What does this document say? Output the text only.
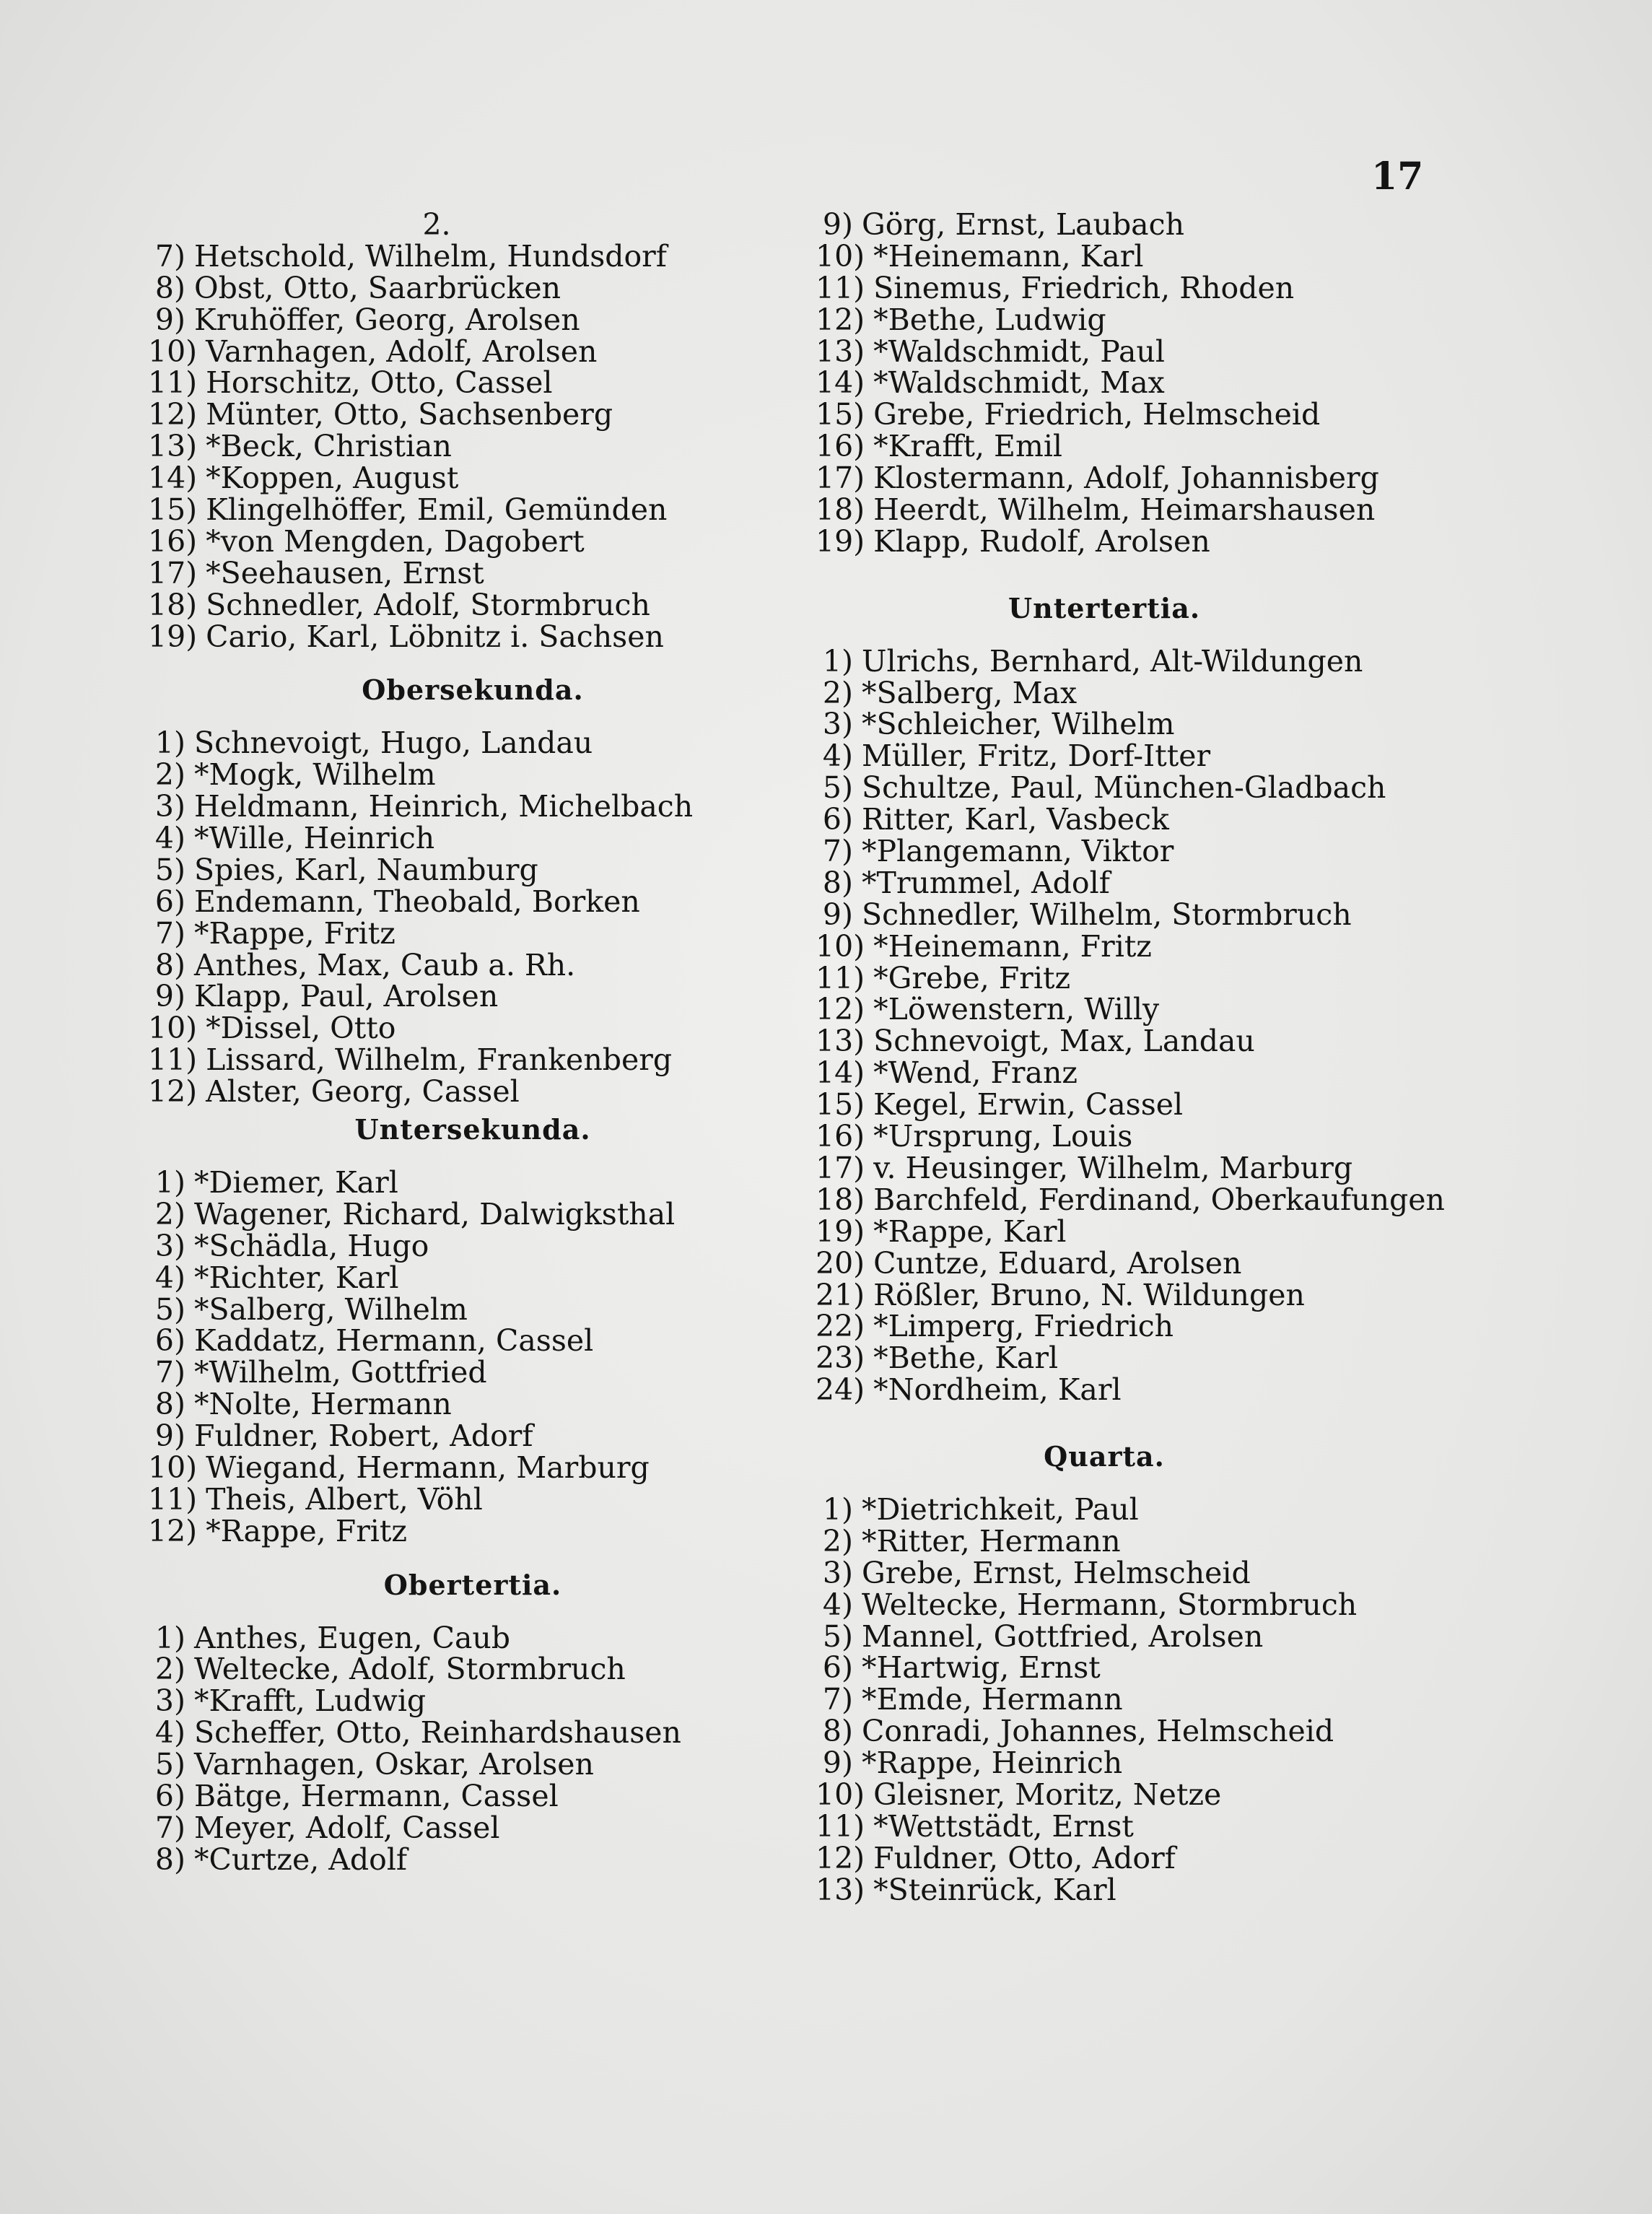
17
2.
7) Hetschold, Wilhelm, Hundsdorf
8) Obst, Otto, Saarbrücken
9) Kruhöffer, Georg, Arolsen
10) Varnhagen, Adolf, Arolsen
11) Horschitz, Otto, Cassel
12) Münter, Otto, Sachsenberg
13) *Beck, Christian
14) *Koppen, August
15) Klingelhöffer, Emil, Gemünden
16) *von Mengden, Dagobert
17) *Seehausen, Ernst
18) Schnedler, Adolf, Stormbruch
19) Cario, Karl, Löbnitz i. Sachsen
Obersekunda.
1) Schnevoigt, Hugo, Landau
2) *Mogk, Wilhelm
3) Heldmann, Heinrich, Michelbach
4) *Wille, Heinrich
5) Spies, Karl, Naumburg
6) Endemann, Theobald, Borken
7) *Rappe, Fritz
8) Anthes, Max, Caub a. Rh.
9) Klapp, Paul, Arolsen
10) *Dissel, Otto
11) Lissard, Wilhelm, Frankenberg
12) Alster, Georg, Cassel
Untersekunda.
1) *Diemer, Karl
2) Wagener, Richard, Dalwigksthal
3) *Schädla, Hugo
4) *Richter, Karl
5) *Salberg, Wilhelm
6) Kaddatz, Hermann, Cassel
7) *Wilhelm, Gottfried
8) *Nolte, Hermann
9) Fuldner, Robert, Adorf
10) Wiegand, Hermann, Marburg
11) Theis, Albert, Vöhl
12) *Rappe, Fritz
Obertertia.
1) Anthes, Eugen, Caub
2) Weltecke, Adolf, Stormbruch
3) *Krafft, Ludwig
4) Scheffer, Otto, Reinhardshausen
5) Varnhagen, Oskar, Arolsen
6) Bätge, Hermann, Cassel
7) Meyer, Adolf, Cassel
8) *Curtze, Adolf
9) Görg, Ernst, Laubach
10) *Heinemann, Karl
11) Sinemus, Friedrich, Rhoden
12) *Bethe, Ludwig
13) *Waldschmidt, Paul
14) *Waldschmidt, Max
15) Grebe, Friedrich, Helmscheid
16) *Krafft, Emil
17) Klostermann, Adolf, Johannisberg
18) Heerdt, Wilhelm, Heimarshausen
19) Klapp, Rudolf, Arolsen
Untertertia.
1) Ulrichs, Bernhard, Alt-Wildungen
2) *Salberg, Max
3) *Schleicher, Wilhelm
4) Müller, Fritz, Dorf-Itter
5) Schultze, Paul, München-Gladbach
6) Ritter, Karl, Vasbeck
7) *Plangemann, Viktor
8) *Trummel, Adolf
9) Schnedler, Wilhelm, Stormbruch
10) *Heinemann, Fritz
11) *Grebe, Fritz
12) *Löwenstern, Willy
13) Schnevoigt, Max, Landau
14) *Wend, Franz
15) Kegel, Erwin, Cassel
16) *Ursprung, Louis
17) v. Heusinger, Wilhelm, Marburg
18) Barchfeld, Ferdinand, Oberkaufungen
19) *Rappe, Karl
20) Cuntze, Eduard, Arolsen
21) Rößler, Bruno, N. Wildungen
22) *Limperg, Friedrich
23) *Bethe, Karl
24) *Nordheim, Karl
Quarta.
1) *Dietrichkeit, Paul
2) *Ritter, Hermann
3) Grebe, Ernst, Helmscheid
4) Weltecke, Hermann, Stormbruch
5) Mannel, Gottfried, Arolsen
6) *Hartwig, Ernst
7) *Emde, Hermann
8) Conradi, Johannes, Helmscheid
9) *Rappe, Heinrich
10) Gleisner, Moritz, Netze
11) *Wettstädt, Ernst
12) Fuldner, Otto, Adorf
13) *Steinrück, Karl
